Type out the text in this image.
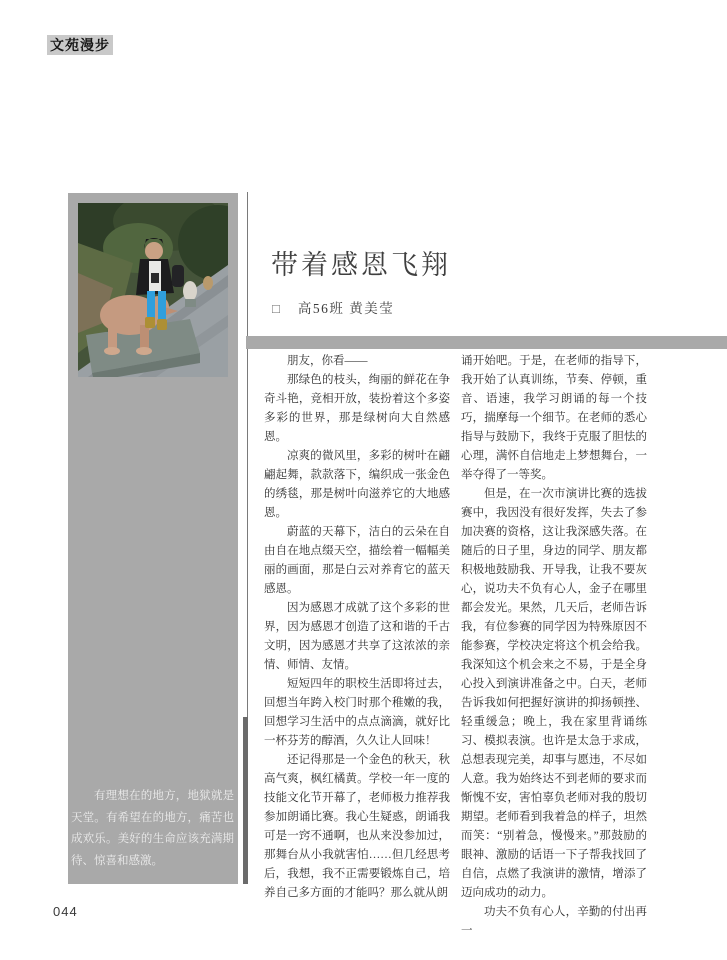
文苑漫步
有理想在的地方，地狱就是天堂。有希望在的地方，痛苦也成欢乐。美好的生命应该充满期待、惊喜和感激。
带着感恩飞翔
□ 高56班 黄美莹

朋友，你看——

那绿色的枝头，绚丽的鲜花在争奇斗艳，竞相开放，装扮着这个多姿多彩的世界，那是绿树向大自然感恩。

凉爽的微风里，多彩的树叶在翩翩起舞，款款落下，编织成一张金色的绣毯，那是树叶向滋养它的大地感恩。

蔚蓝的天幕下，洁白的云朵在自由自在地点缀天空，描绘着一幅幅美丽的画面，那是白云对养育它的蓝天感恩。

因为感恩才成就了这个多彩的世界，因为感恩才创造了这和谐的千古文明，因为感恩才共享了这浓浓的亲情、师情、友情。

短短四年的职校生活即将过去，回想当年跨入校门时那个稚嫩的我，回想学习生活中的点点滴滴，就好比一杯芬芳的醇酒，久久让人回味！

还记得那是一个金色的秋天，秋高气爽，枫红橘黄。学校一年一度的技能文化节开幕了，老师极力推荐我参加朗诵比赛。我心生疑惑，朗诵我可是一窍不通啊，也从来没参加过，那舞台从小我就害怕……但几经思考后，我想，我不正需要锻炼自己，培养自己多方面的才能吗？那么就从朗

诵开始吧。于是，在老师的指导下，我开始了认真训练，节奏、停顿，重音、语速，我学习朗诵的每一个技巧，揣摩每一个细节。在老师的悉心指导与鼓励下，我终于克服了胆怯的心理，满怀自信地走上梦想舞台，一举夺得了一等奖。

但是，在一次市演讲比赛的选拔赛中，我因没有很好发挥，失去了参加决赛的资格，这让我深感失落。在随后的日子里，身边的同学、朋友都积极地鼓励我、开导我，让我不要灰心，说功夫不负有心人，金子在哪里都会发光。果然，几天后，老师告诉我，有位参赛的同学因为特殊原因不能参赛，学校决定将这个机会给我。我深知这个机会来之不易，于是全身心投入到演讲准备之中。白天，老师告诉我如何把握好演讲的抑扬顿挫、轻重缓急；晚上，我在家里背诵练习、模拟表演。也许是太急于求成，总想表现完美，却事与愿违，不尽如人意。我为始终达不到老师的要求而惭愧不安，害怕辜负老师对我的殷切期望。老师看到我着急的样子，坦然而笑：“别着急，慢慢来。”那鼓励的眼神、激励的话语一下子帮我找回了自信，点燃了我演讲的激情，增添了迈向成功的动力。

功夫不负有心人，辛勤的付出再一

044
